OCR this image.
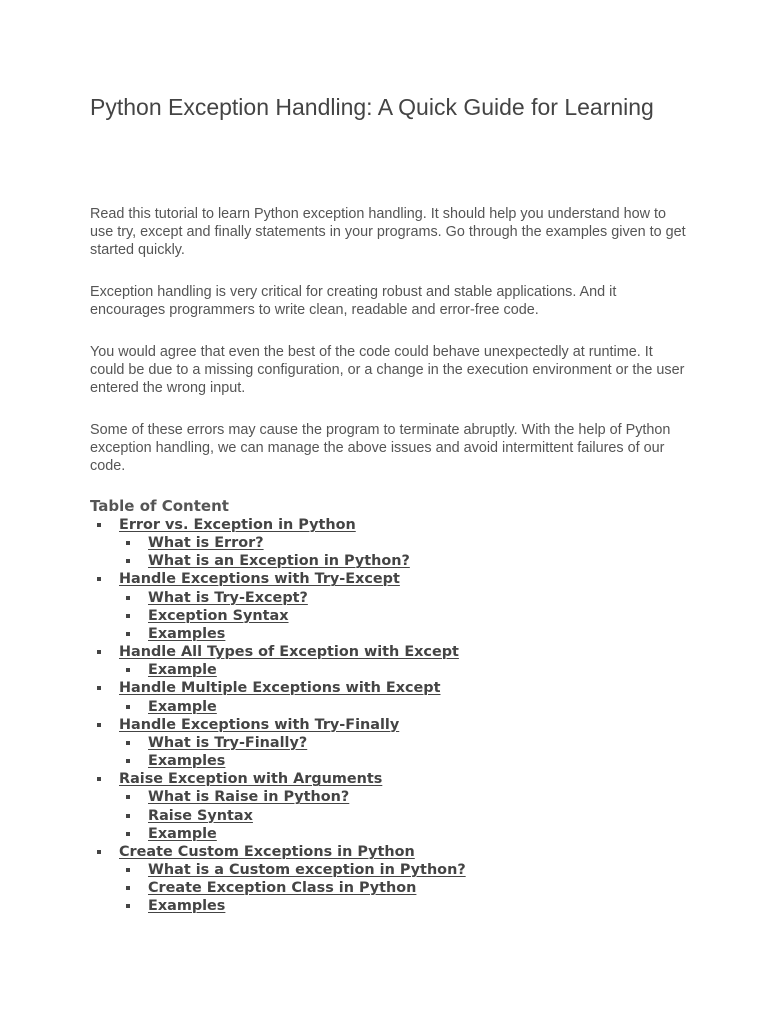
Python Exception Handling: A Quick Guide for Learning

Read this tutorial to learn Python exception handling. It should help you understand how to use try, except and finally statements in your programs. Go through the examples given to get started quickly.

Exception handling is very critical for creating robust and stable applications. And it encourages programmers to write clean, readable and error-free code.

You would agree that even the best of the code could behave unexpectedly at runtime. It could be due to a missing configuration, or a change in the execution environment or the user entered the wrong input.

Some of these errors may cause the program to terminate abruptly. With the help of Python exception handling, we can manage the above issues and avoid intermittent failures of our code.

Table of Content
Error vs. Exception in Python
What is Error?
What is an Exception in Python?
Handle Exceptions with Try-Except
What is Try-Except?
Exception Syntax
Examples
Handle All Types of Exception with Except
Example
Handle Multiple Exceptions with Except
Example
Handle Exceptions with Try-Finally
What is Try-Finally?
Examples
Raise Exception with Arguments
What is Raise in Python?
Raise Syntax
Example
Create Custom Exceptions in Python
What is a Custom exception in Python?
Create Exception Class in Python
Examples
